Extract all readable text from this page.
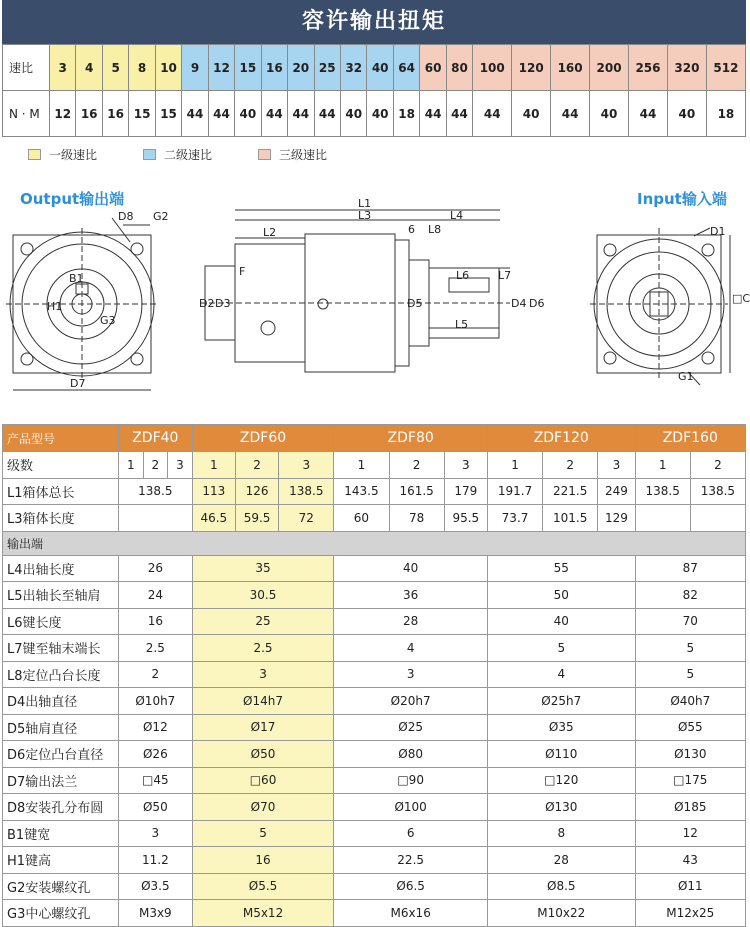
容许输出扭矩
速比	3	4	5	8	10	9	12	15	16	20	25	32	40	64	60	80	100	120	160	200	256	320	512
N · M	12	16	16	15	15	44	44	40	44	44	44	40	40	18	44	44	44	40	44	40	44	40	18
一级速比	二级速比	三级速比
Output输出端	Input输入端
D8 G2
B1
H1
G3
D7
L1
L3	L4
L2	6 L8
F
D2 D3	D5
L6	L7
L5
D4 D6
D1
□C
G1
产品型号	ZDF40			ZDF60			ZDF80			ZDF120			ZDF160	
级数	1	2	3	1	2	3	1	2	3	1	2	3	1	2
L1箱体总长	138.5			113	126	138.5	143.5	161.5	179	191.7	221.5	249	138.5	138.5
L3箱体长度				46.5	59.5	72	60	78	95.5	73.7	101.5	129		
输出端														
L4出轴长度	26			35			40			55			87	
L5出轴长至轴肩	24			30.5			36			50			82	
L6键长度	16			25			28			40			70	
L7键至轴末端长	2.5			2.5			4			5			5	
L8定位凸台长度	2			3			3			4			5	
D4出轴直径	Ø10h7			Ø14h7			Ø20h7			Ø25h7			Ø40h7	
D5轴肩直径	Ø12			Ø17			Ø25			Ø35			Ø55	
D6定位凸台直径	Ø26			Ø50			Ø80			Ø110			Ø130	
D7输出法兰	□45			□60			□90			□120			□175	
D8安装孔分布圆	Ø50			Ø70			Ø100			Ø130			Ø185	
B1键宽	3			5			6			8			12	
H1键高	11.2			16			22.5			28			43	
G2安装螺纹孔	Ø3.5			Ø5.5			Ø6.5			Ø8.5			Ø11	
G3中心螺纹孔	M3x9			M5x12			M6x16			M10x22			M12x25	
